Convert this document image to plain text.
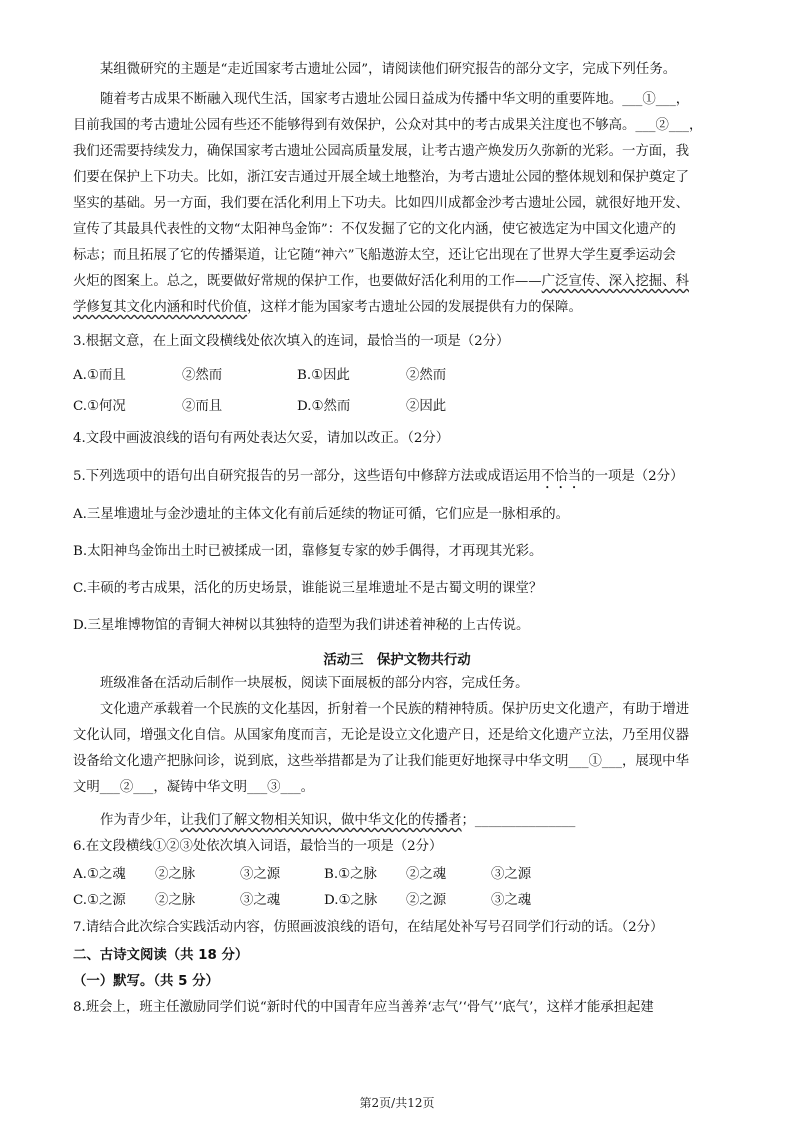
某组微研究的主题是“走近国家考古遗址公园”，请阅读他们研究报告的部分文字，完成下列任务。
随着考古成果不断融入现代生活，国家考古遗址公园日益成为传播中华文明的重要阵地。___①___，
目前我国的考古遗址公园有些还不能够得到有效保护，公众对其中的考古成果关注度也不够高。___②___，
我们还需要持续发力，确保国家考古遗址公园高质量发展，让考古遗产焕发历久弥新的光彩。一方面，我
们要在保护上下功夫。比如，浙江安吉通过开展全域土地整治，为考古遗址公园的整体规划和保护奠定了
坚实的基础。另一方面，我们要在活化利用上下功夫。比如四川成都金沙考古遗址公园，就很好地开发、
宣传了其最具代表性的文物“太阳神鸟金饰”：不仅发掘了它的文化内涵，使它被选定为中国文化遗产的
标志；而且拓展了它的传播渠道，让它随“神六”飞船遨游太空，还让它出现在了世界大学生夏季运动会
火炬的图案上。总之，既要做好常规的保护工作，也要做好活化利用的工作——广泛宣传、深入挖掘、科
学修复其文化内涵和时代价值，这样才能为国家考古遗址公园的发展提供有力的保障。
3.根据文意，在上面文段横线处依次填入的连词，最恰当的一项是（2分）
A.①而且	②然而	B.①因此	②然而
C.①何况	②而且	D.①然而	②因此
4.文段中画波浪线的语句有两处表达欠妥，请加以改正。（2分）
5.下列选项中的语句出自研究报告的另一部分，这些语句中修辞方法或成语运用不恰当的一项是（2分）
A.三星堆遗址与金沙遗址的主体文化有前后延续的物证可循，它们应是一脉相承的。
B.太阳神鸟金饰出土时已被揉成一团，靠修复专家的妙手偶得，才再现其光彩。
C.丰硕的考古成果，活化的历史场景，谁能说三星堆遗址不是古蜀文明的课堂？
D.三星堆博物馆的青铜大神树以其独特的造型为我们讲述着神秘的上古传说。
活动三　保护文物共行动
班级准备在活动后制作一块展板，阅读下面展板的部分内容，完成任务。
文化遗产承载着一个民族的文化基因，折射着一个民族的精神特质。保护历史文化遗产，有助于增进
文化认同，增强文化自信。从国家角度而言，无论是设立文化遗产日，还是给文化遗产立法，乃至用仪器
设备给文化遗产把脉问诊，说到底，这些举措都是为了让我们能更好地探寻中华文明___①___，展现中华
文明___②___，凝铸中华文明___③___。
作为青少年，让我们了解文物相关知识，做中华文化的传播者；_______________
6.在文段横线①②③处依次填入词语，最恰当的一项是（2分）
A.①之魂 ②之脉	③之源	B.①之脉 ②之魂	③之源
C.①之源 ②之脉	③之魂	D.①之脉 ②之源	③之魂
7.请结合此次综合实践活动内容，仿照画波浪线的语句，在结尾处补写号召同学们行动的话。（2分）
二、古诗文阅读（共 18 分）
（一）默写。（共 5 分）
8.班会上，班主任激励同学们说“新时代的中国青年应当善养‘志气’‘骨气’‘底气’，这样才能承担起建
第2页/共12页
